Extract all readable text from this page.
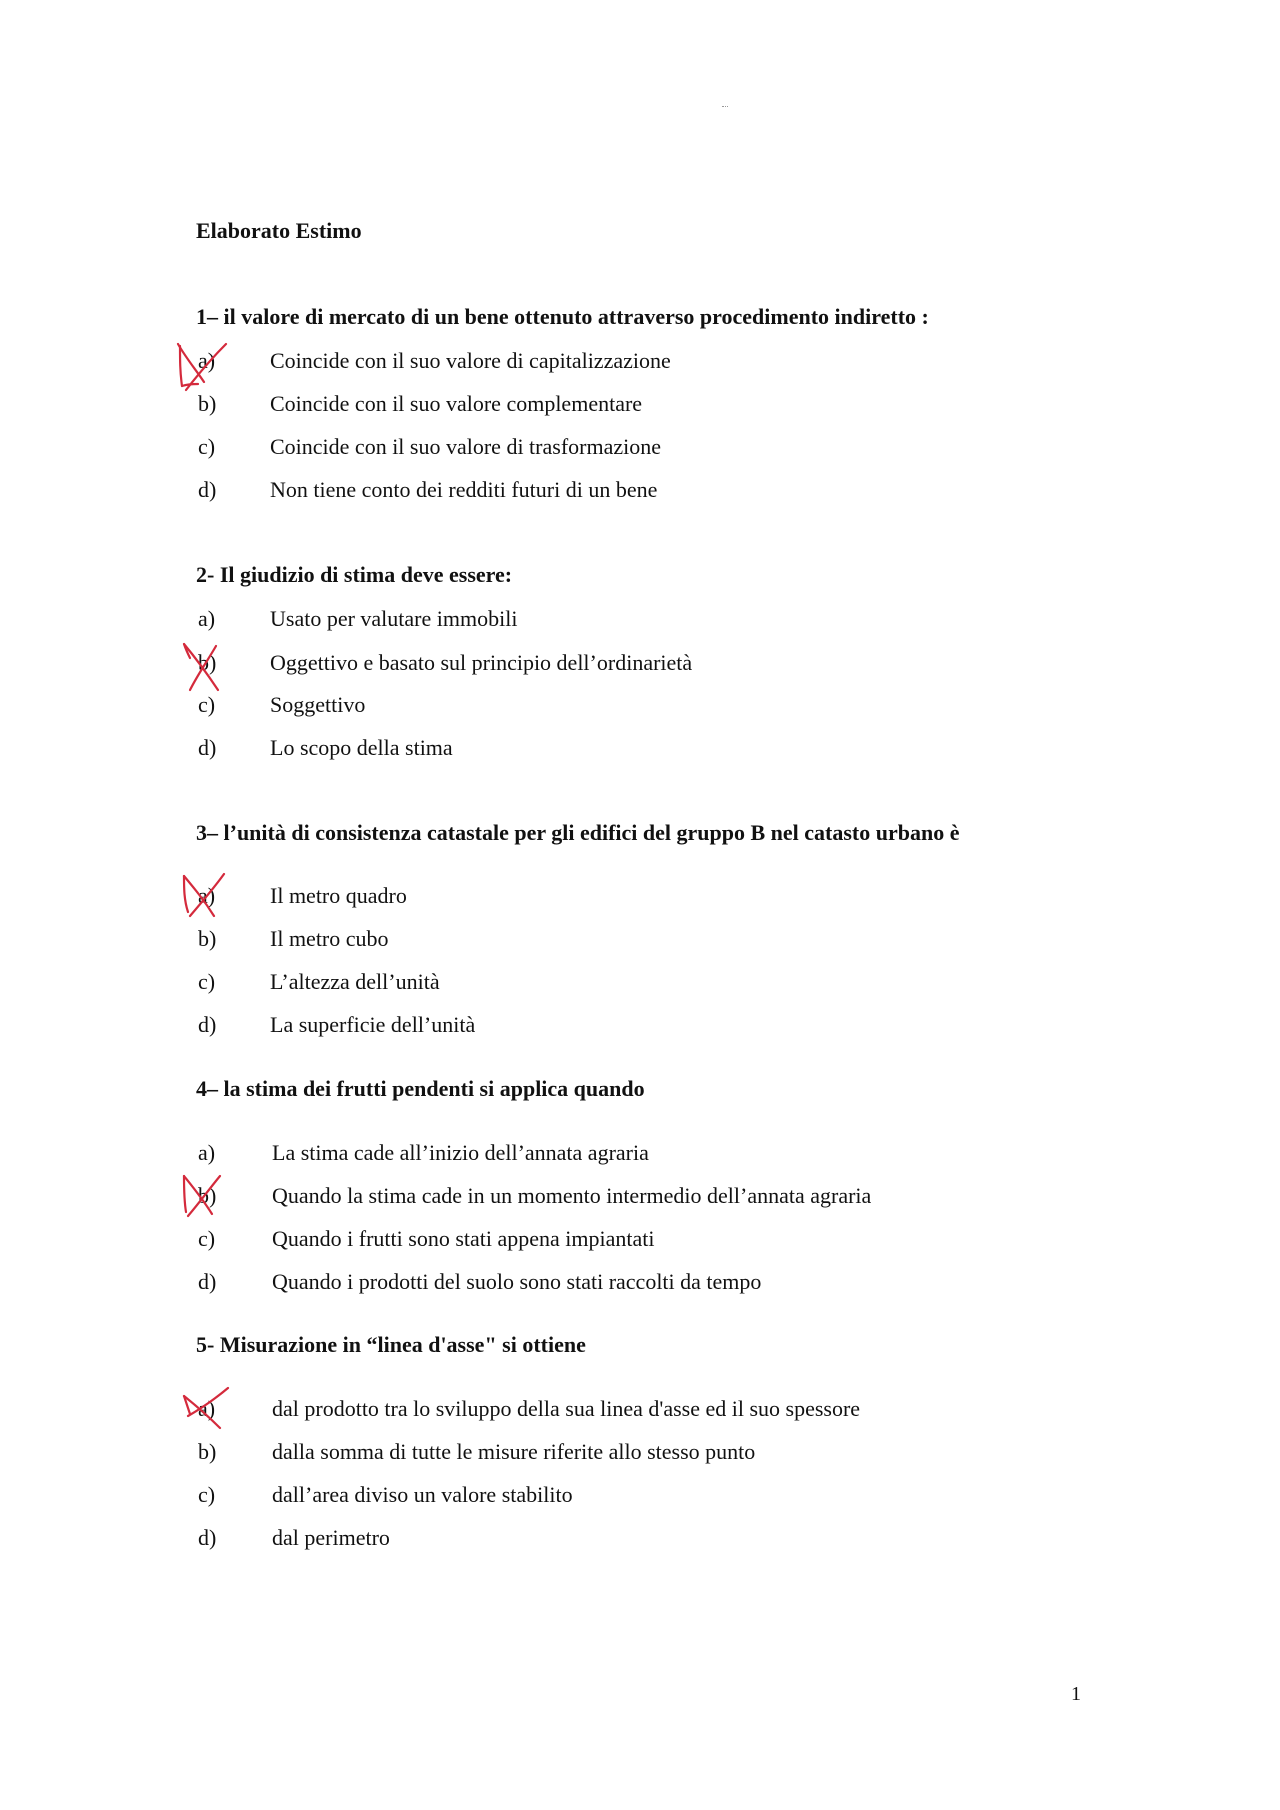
Elaborato Estimo
1– il valore di mercato di un bene ottenuto attraverso procedimento indiretto :
a) Coincide con il suo valore di capitalizzazione
b) Coincide con il suo valore complementare
c) Coincide con il suo valore di trasformazione
d) Non tiene conto dei redditi futuri di un bene
2- Il giudizio di stima deve essere:
a) Usato per valutare immobili
b) Oggettivo e basato sul principio dell’ordinarietà
c) Soggettivo
d) Lo scopo della stima
3– l’unità di consistenza catastale per gli edifici del gruppo B nel catasto urbano è
a) Il metro quadro
b) Il metro cubo
c) L’altezza dell’unità
d) La superficie dell’unità
4– la stima dei frutti pendenti si applica quando
a)	La stima cade all’inizio dell’annata agraria
b)	Quando la stima cade in un momento intermedio dell’annata agraria
c)	Quando i frutti sono stati appena impiantati
d)	Quando i prodotti del suolo sono stati raccolti da tempo
5- Misurazione in “linea d'asse" si ottiene
a)	dal prodotto tra lo sviluppo della sua linea d'asse ed il suo spessore
b)	dalla somma di tutte le misure riferite allo stesso punto
c)	dall’area diviso un valore stabilito
d)	dal perimetro
1
